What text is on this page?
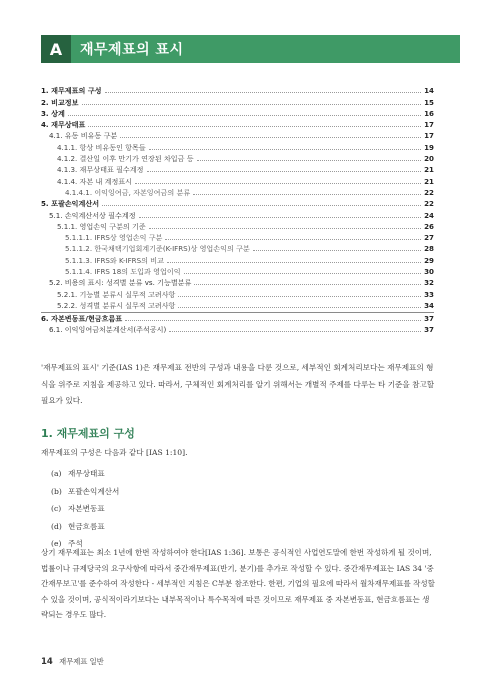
A	재무제표의 표시
1. 재무제표의 구성	14
2. 비교정보	15
3. 상계	16
4. 재무상태표	17
4.1. 유동 비유동 구분	17
4.1.1. 항상 비유동인 항목들	19
4.1.2. 결산일 이후 만기가 연장된 차입금 등	20
4.1.3. 재무상태표 필수계정	21
4.1.4. 자본 내 계정표시	21
4.1.4.1. 이익잉여금, 자본잉여금의 분류	22
5. 포괄손익계산서	22
5.1. 손익계산서상 필수계정	24
5.1.1. 영업손익 구분의 기준	26
5.1.1.1. IFRS상 영업손익 구분	27
5.1.1.2. 한국채택기업회계기준(K-IFRS)상 영업손익의 구분	28
5.1.1.3. IFRS와 K-IFRS의 비교	29
5.1.1.4. IFRS 18의 도입과 영업이익	30
5.2. 비용의 표시: 성격별 분류 vs. 기능별분류	32
5.2.1. 기능별 분류시 실무적 고려사항	33
5.2.2. 성격별 분류시 실무적 고려사항	34
6. 자본변동표/현금흐름표	37
6.1. 이익잉여금처분계산서(주석공시)	37
'재무제표의 표시' 기준(IAS 1)은 재무제표 전반의 구성과 내용을 다룬 것으로, 세부적인 회계처리보다는 재무제표의 형식을 위주로 지침을 제공하고 있다. 따라서, 구체적인 회계처리를 알기 위해서는 개별적 주제를 다루는 타 기준을 참고할 필요가 있다.
1. 재무제표의 구성
재무제표의 구성은 다음과 같다 [IAS 1:10].
(a) 재무상태표
(b) 포괄손익계산서
(c) 자본변동표
(d) 현금흐름표
(e) 주석
상기 재무제표는 최소 1년에 한번 작성하여야 한다[IAS 1:36]. 보통은 공식적인 사업연도말에 한번 작성하게 될 것이며, 법률이나 규제당국의 요구사항에 따라서 중간재무제표(반기, 분기)를 추가로 작성할 수 있다. 중간재무제표는 IAS 34 '중간재무보고'를 준수하여 작성한다 - 세부적인 지침은 C부분 참조한다. 한편, 기업의 필요에 따라서 월차재무제표를 작성할 수 있을 것이며, 공식적이라기보다는 내부목적이나 특수목적에 따른 것이므로 재무제표 중 자본변동표, 현금흐름표는 생략되는 경우도 많다.
14 재무제표 일반
